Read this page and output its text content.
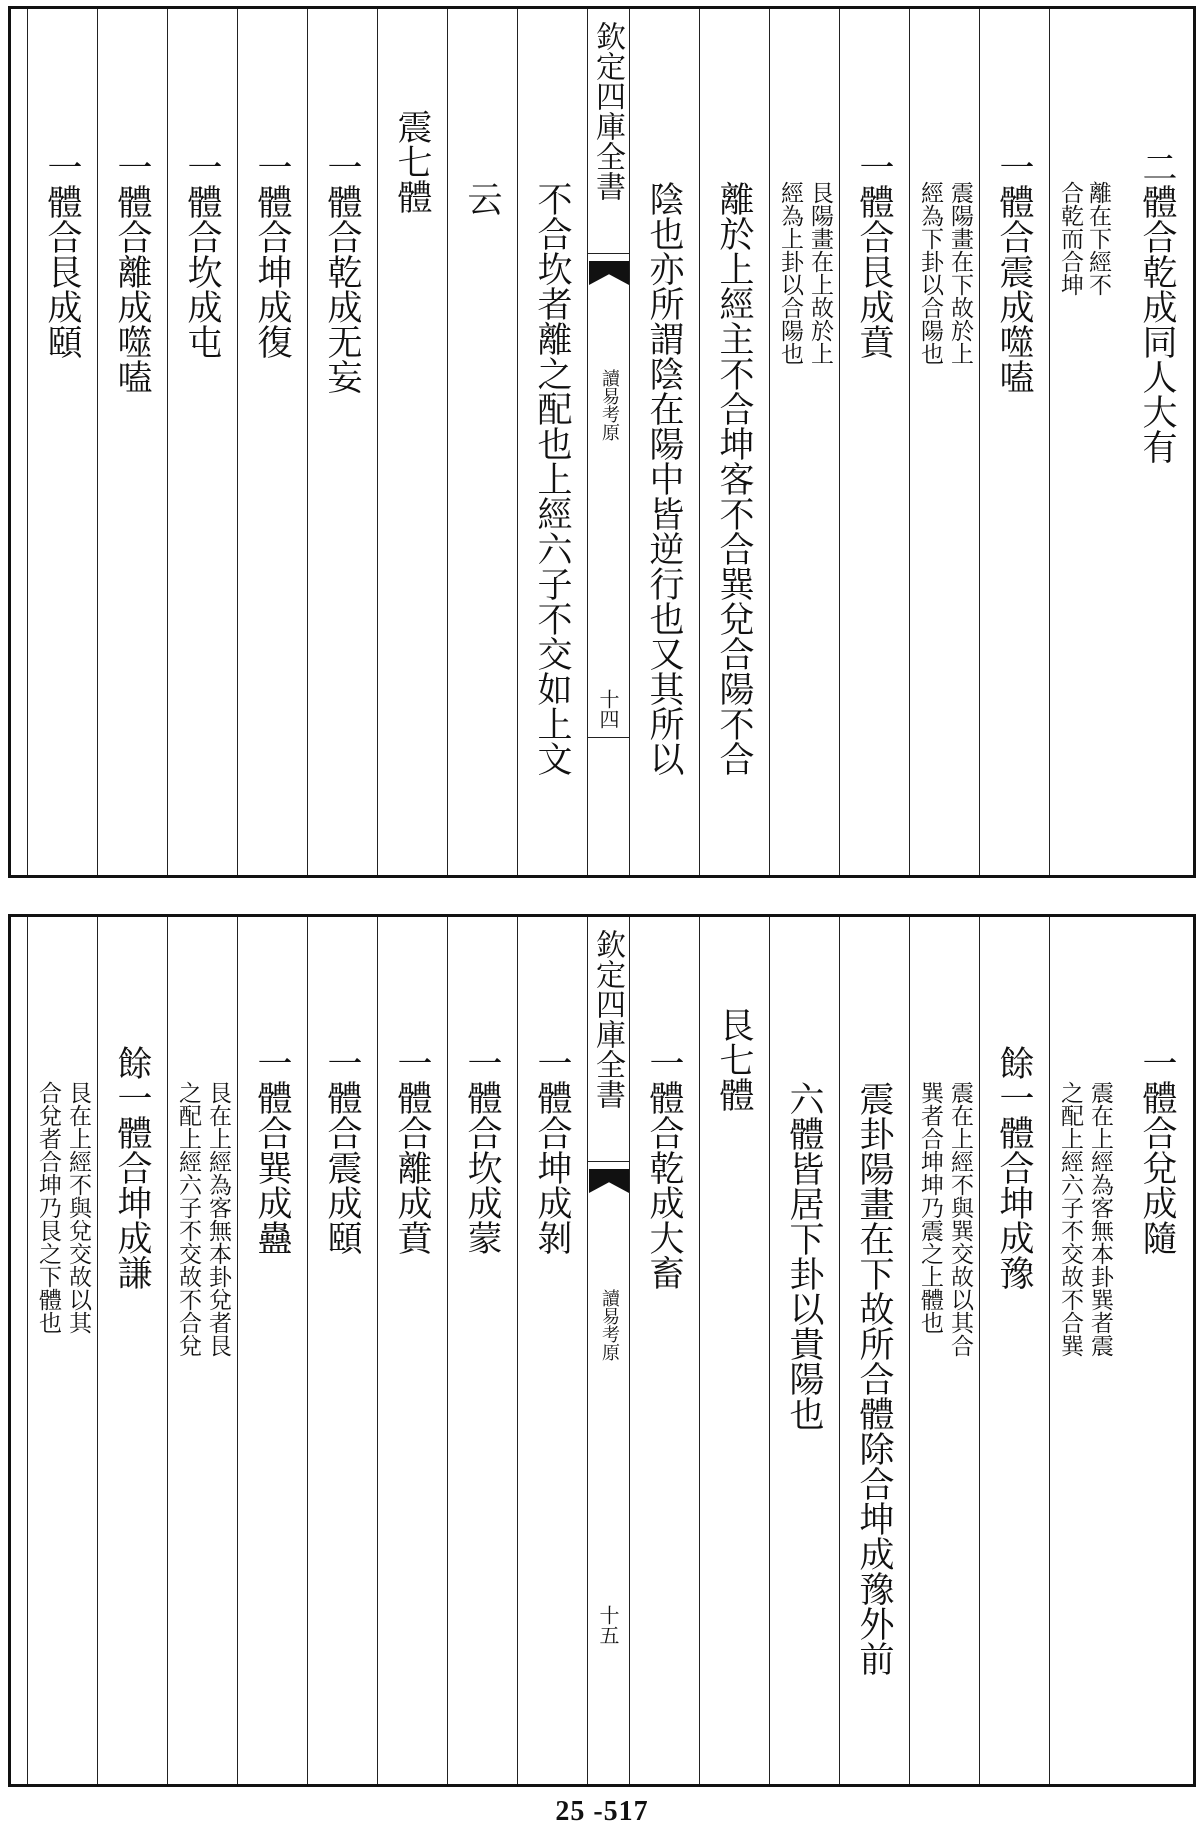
二體合乾成同人大有
離在下經不
合乾而合坤
一體合震成噬嗑
震陽畫在下故於上
經為下卦以合陽也
一體合艮成賁
艮陽畫在上故於上
經為上卦以合陽也
離於上經主不合坤客不合巽兌合陽不合
陰也亦所謂陰在陽中皆逆行也又其所以
欽定四庫全書
讀易考原
十四
不合坎者離之配也上經六子不交如上文
云
震七體
一體合乾成无妄
一體合坤成復
一體合坎成屯
一體合離成噬嗑
一體合艮成頤
一體合兌成隨
震在上經為客無本卦巽者震
之配上經六子不交故不合巽
餘一體合坤成豫
震在上經不與巽交故以其合
巽者合坤坤乃震之上體也
震卦陽畫在下故所合體除合坤成豫外前
六體皆居下卦以貴陽也
艮七體
一體合乾成大畜
欽定四庫全書
讀易考原
十五
一體合坤成剝
一體合坎成蒙
一體合離成賁
一體合震成頤
一體合巽成蠱
艮在上經為客無本卦兌者艮
之配上經六子不交故不合兌
餘一體合坤成謙
艮在上經不與兌交故以其
合兌者合坤乃艮之下體也
25 -517
